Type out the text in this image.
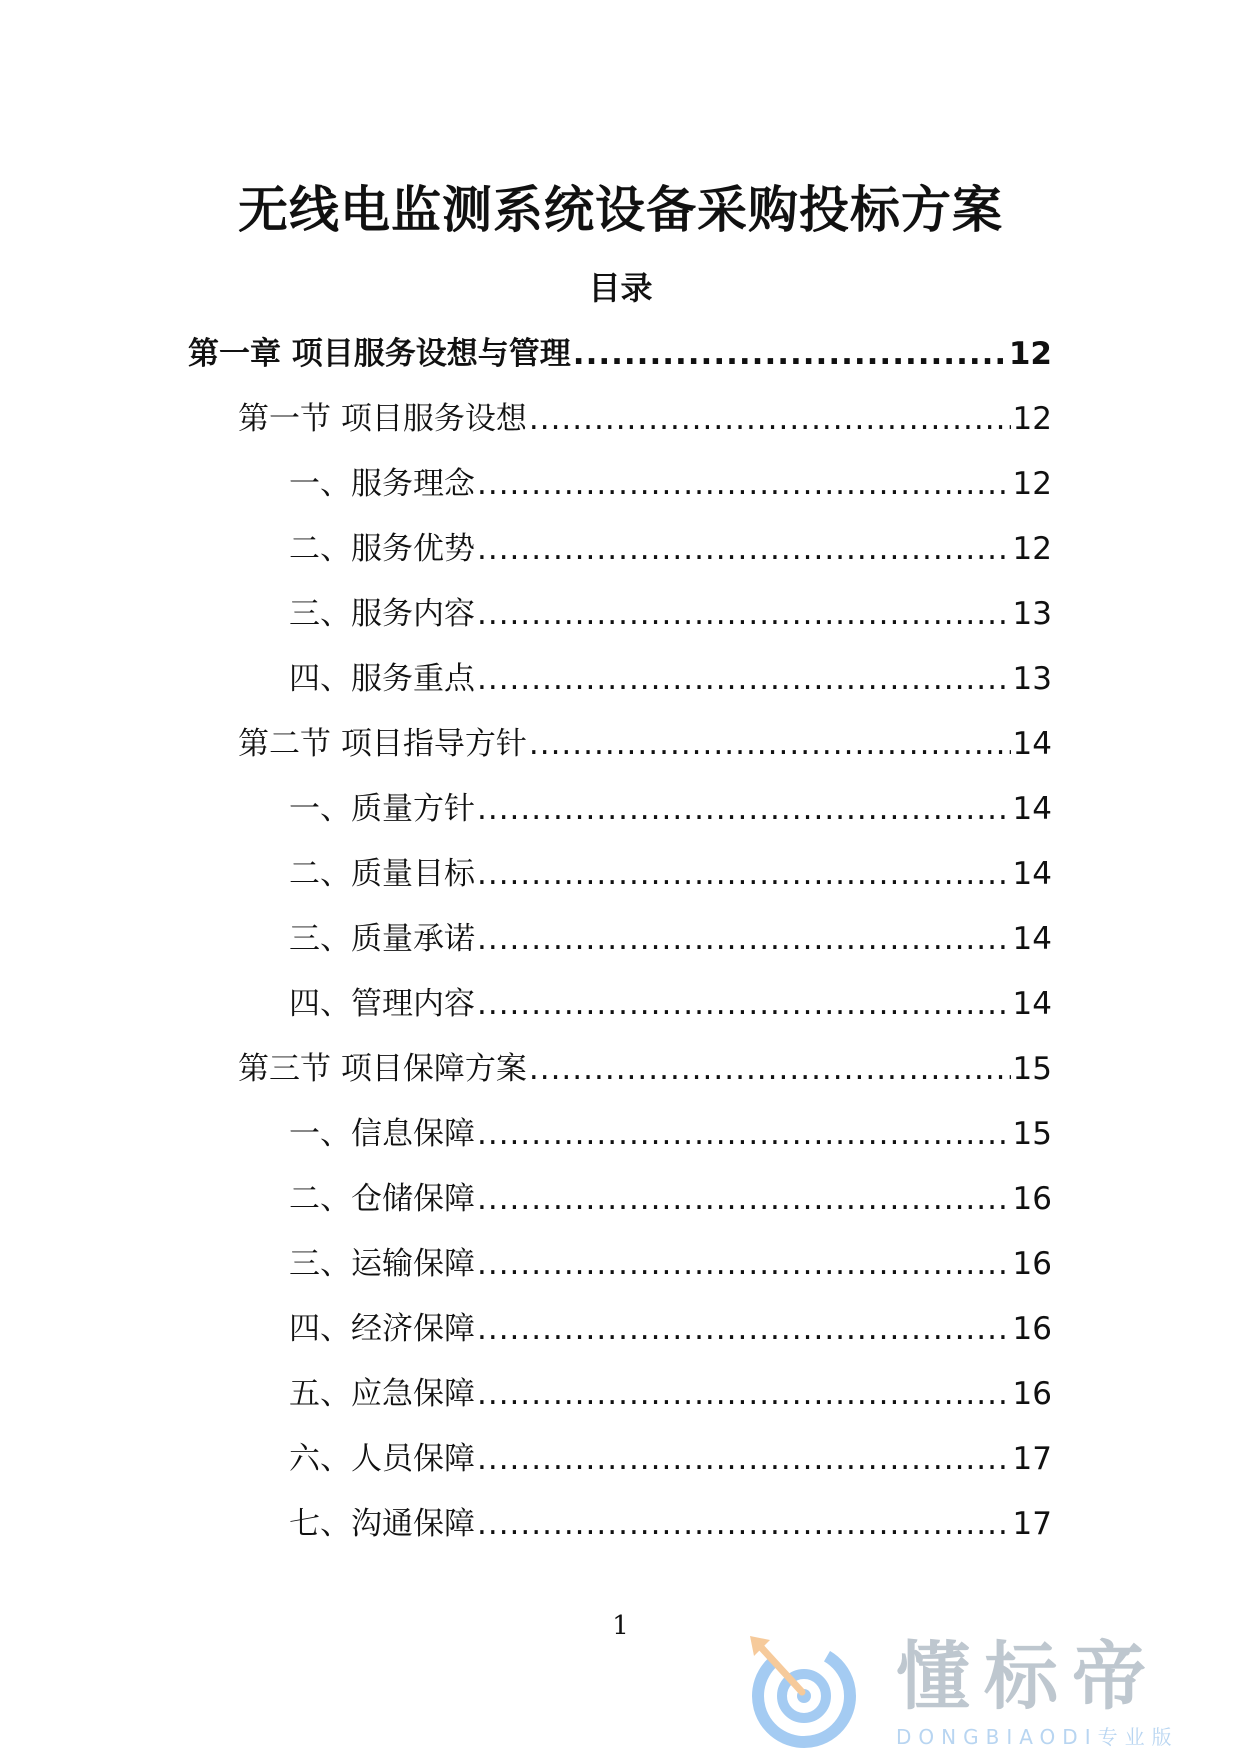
无线电监测系统设备采购投标方案
目录
第一章 项目服务设想与管理 .....	12
第一节 项目服务设想 .....	12
一、服务理念 .....	12
二、服务优势 .....	12
三、服务内容 .....	13
四、服务重点 .....	13
第二节 项目指导方针 .....	14
一、质量方针 .....	14
二、质量目标 .....	14
三、质量承诺 .....	14
四、管理内容 .....	14
第三节 项目保障方案 .....	15
一、信息保障 .....	15
二、仓储保障 .....	16
三、运输保障 .....	16
四、经济保障 .....	16
五、应急保障 .....	16
六、人员保障 .....	17
七、沟通保障 .....	17
1
懂标帝
DONGBIAODI专业版
